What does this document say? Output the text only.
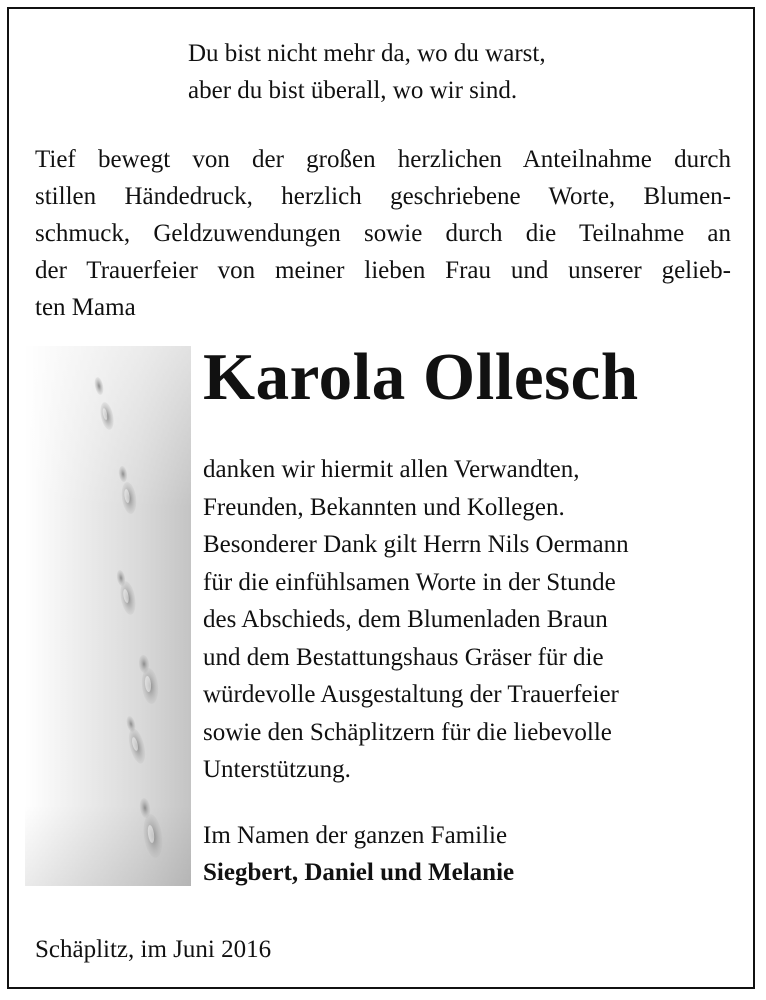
Du bist nicht mehr da, wo du warst,
aber du bist überall, wo wir sind.
Tief bewegt von der großen herzlichen Anteilnahme durch
stillen Händedruck, herzlich geschriebene Worte, Blumen-
schmuck, Geldzuwendungen sowie durch die Teilnahme an
der Trauerfeier von meiner lieben Frau und unserer gelieb-
ten Mama
Karola Ollesch
danken wir hiermit allen Verwandten,
Freunden, Bekannten und Kollegen.
Besonderer Dank gilt Herrn Nils Oermann
für die einfühlsamen Worte in der Stunde
des Abschieds, dem Blumenladen Braun
und dem Bestattungshaus Gräser für die
würdevolle Ausgestaltung der Trauerfeier
sowie den Schäplitzern für die liebevolle
Unterstützung.
Im Namen der ganzen Familie
Siegbert, Daniel und Melanie
Schäplitz, im Juni 2016
